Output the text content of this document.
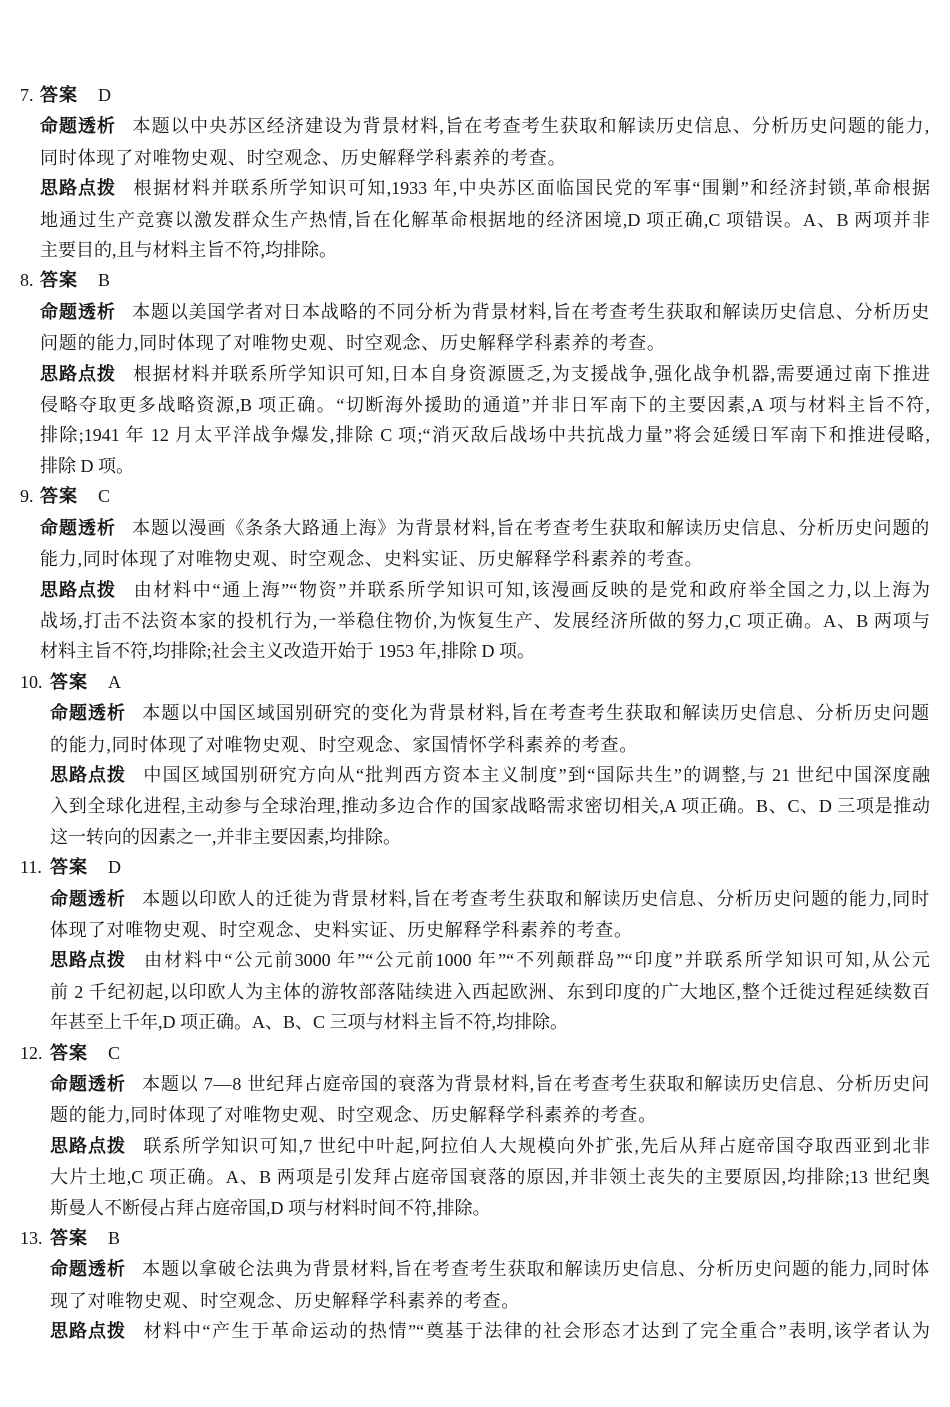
7. 答案 D
命题透析 本题以中央苏区经济建设为背景材料,旨在考查考生获取和解读历史信息、分析历史问题的能力,
同时体现了对唯物史观、时空观念、历史解释学科素养的考查。
思路点拨 根据材料并联系所学知识可知,1933 年,中央苏区面临国民党的军事“围剿”和经济封锁,革命根据
地通过生产竞赛以激发群众生产热情,旨在化解革命根据地的经济困境,D 项正确,C 项错误。A、B 两项并非
主要目的,且与材料主旨不符,均排除。
8. 答案 B
命题透析 本题以美国学者对日本战略的不同分析为背景材料,旨在考查考生获取和解读历史信息、分析历史
问题的能力,同时体现了对唯物史观、时空观念、历史解释学科素养的考查。
思路点拨 根据材料并联系所学知识可知,日本自身资源匮乏,为支援战争,强化战争机器,需要通过南下推进
侵略夺取更多战略资源,B 项正确。“切断海外援助的通道”并非日军南下的主要因素,A 项与材料主旨不符,
排除;1941 年 12 月太平洋战争爆发,排除 C 项;“消灭敌后战场中共抗战力量”将会延缓日军南下和推进侵略,
排除 D 项。
9. 答案 C
命题透析 本题以漫画《条条大路通上海》为背景材料,旨在考查考生获取和解读历史信息、分析历史问题的
能力,同时体现了对唯物史观、时空观念、史料实证、历史解释学科素养的考查。
思路点拨 由材料中“通上海”“物资”并联系所学知识可知,该漫画反映的是党和政府举全国之力,以上海为
战场,打击不法资本家的投机行为,一举稳住物价,为恢复生产、发展经济所做的努力,C 项正确。A、B 两项与
材料主旨不符,均排除;社会主义改造开始于 1953 年,排除 D 项。
10. 答案 A
命题透析 本题以中国区域国别研究的变化为背景材料,旨在考查考生获取和解读历史信息、分析历史问题
的能力,同时体现了对唯物史观、时空观念、家国情怀学科素养的考查。
思路点拨 中国区域国别研究方向从“批判西方资本主义制度”到“国际共生”的调整,与 21 世纪中国深度融
入到全球化进程,主动参与全球治理,推动多边合作的国家战略需求密切相关,A 项正确。B、C、D 三项是推动
这一转向的因素之一,并非主要因素,均排除。
11. 答案 D
命题透析 本题以印欧人的迁徙为背景材料,旨在考查考生获取和解读历史信息、分析历史问题的能力,同时
体现了对唯物史观、时空观念、史料实证、历史解释学科素养的考查。
思路点拨 由材料中“公元前3000 年”“公元前1000 年”“不列颠群岛”“印度”并联系所学知识可知,从公元
前 2 千纪初起,以印欧人为主体的游牧部落陆续进入西起欧洲、东到印度的广大地区,整个迁徙过程延续数百
年甚至上千年,D 项正确。A、B、C 三项与材料主旨不符,均排除。
12. 答案 C
命题透析 本题以 7—8 世纪拜占庭帝国的衰落为背景材料,旨在考查考生获取和解读历史信息、分析历史问
题的能力,同时体现了对唯物史观、时空观念、历史解释学科素养的考查。
思路点拨 联系所学知识可知,7 世纪中叶起,阿拉伯人大规模向外扩张,先后从拜占庭帝国夺取西亚到北非
大片土地,C 项正确。A、B 两项是引发拜占庭帝国衰落的原因,并非领土丧失的主要原因,均排除;13 世纪奥
斯曼人不断侵占拜占庭帝国,D 项与材料时间不符,排除。
13. 答案 B
命题透析 本题以拿破仑法典为背景材料,旨在考查考生获取和解读历史信息、分析历史问题的能力,同时体
现了对唯物史观、时空观念、历史解释学科素养的考查。
思路点拨 材料中“产生于革命运动的热情”“奠基于法律的社会形态才达到了完全重合”表明,该学者认为
